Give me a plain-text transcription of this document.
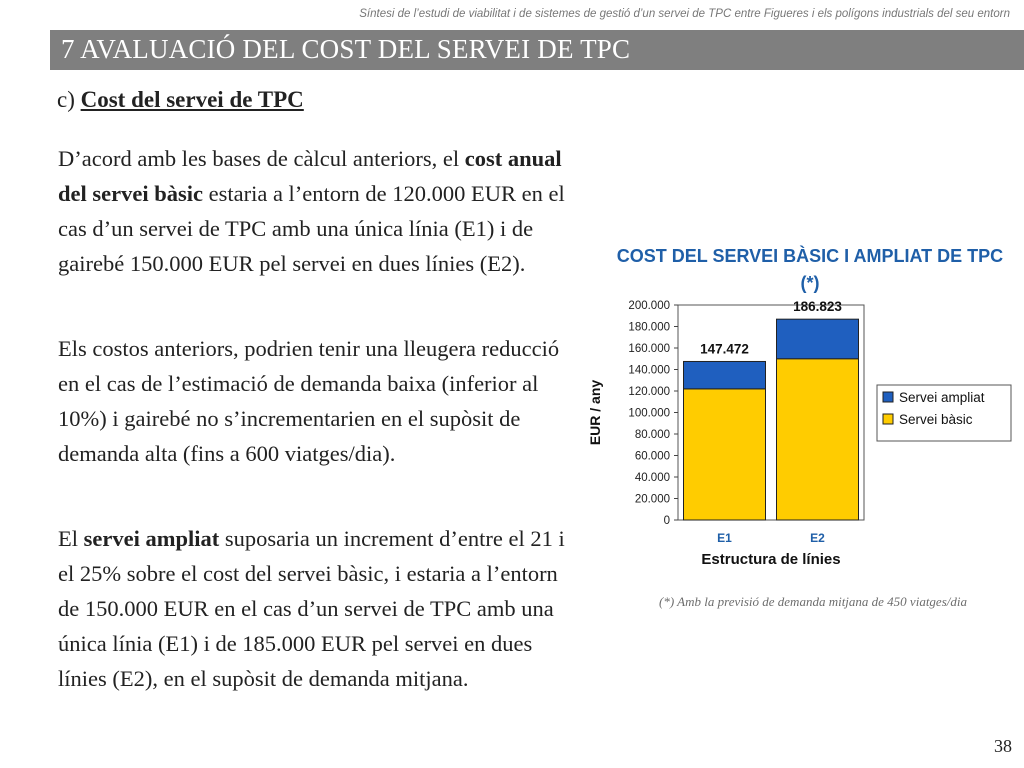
Síntesi de l’estudi de viabilitat i de sistemes de gestió d’un servei de TPC entre Figueres i els polígons industrials del seu entorn
7 AVALUACIÓ DEL COST DEL SERVEI DE TPC
c) Cost del servei de TPC

D’acord amb les bases de càlcul anteriors, el cost anual del servei bàsic estaria a l’entorn de 120.000 EUR en el cas d’un servei de TPC amb una única línia (E1) i de gairebé 150.000 EUR pel servei en dues línies (E2).

Els costos anteriors, podrien tenir una lleugera reducció en el cas de l’estimació de demanda baixa (inferior al 10%) i gairebé no s’incrementarien en el supòsit de demanda alta (fins a 600 viatges/dia).

El servei ampliat suposaria un increment d’entre el 21 i el 25% sobre el cost del servei bàsic, i estaria a l’entorn de 150.000 EUR en el cas d’un servei de TPC amb una única línia (E1) i de 185.000 EUR pel servei en dues línies (E2), en el supòsit de demanda mitjana.

COST DEL SERVEI BÀSIC I AMPLIAT DE TPC (*)
0
20.000
40.000
60.000
80.000
100.000
120.000
140.000
160.000
180.000
200.000
147.472
E1
186.823
E2
Estructura de línies
EUR / any	Servei ampliat
Servei bàsic
(*) Amb la previsió de demanda mitjana de 450 viatges/dia
38
